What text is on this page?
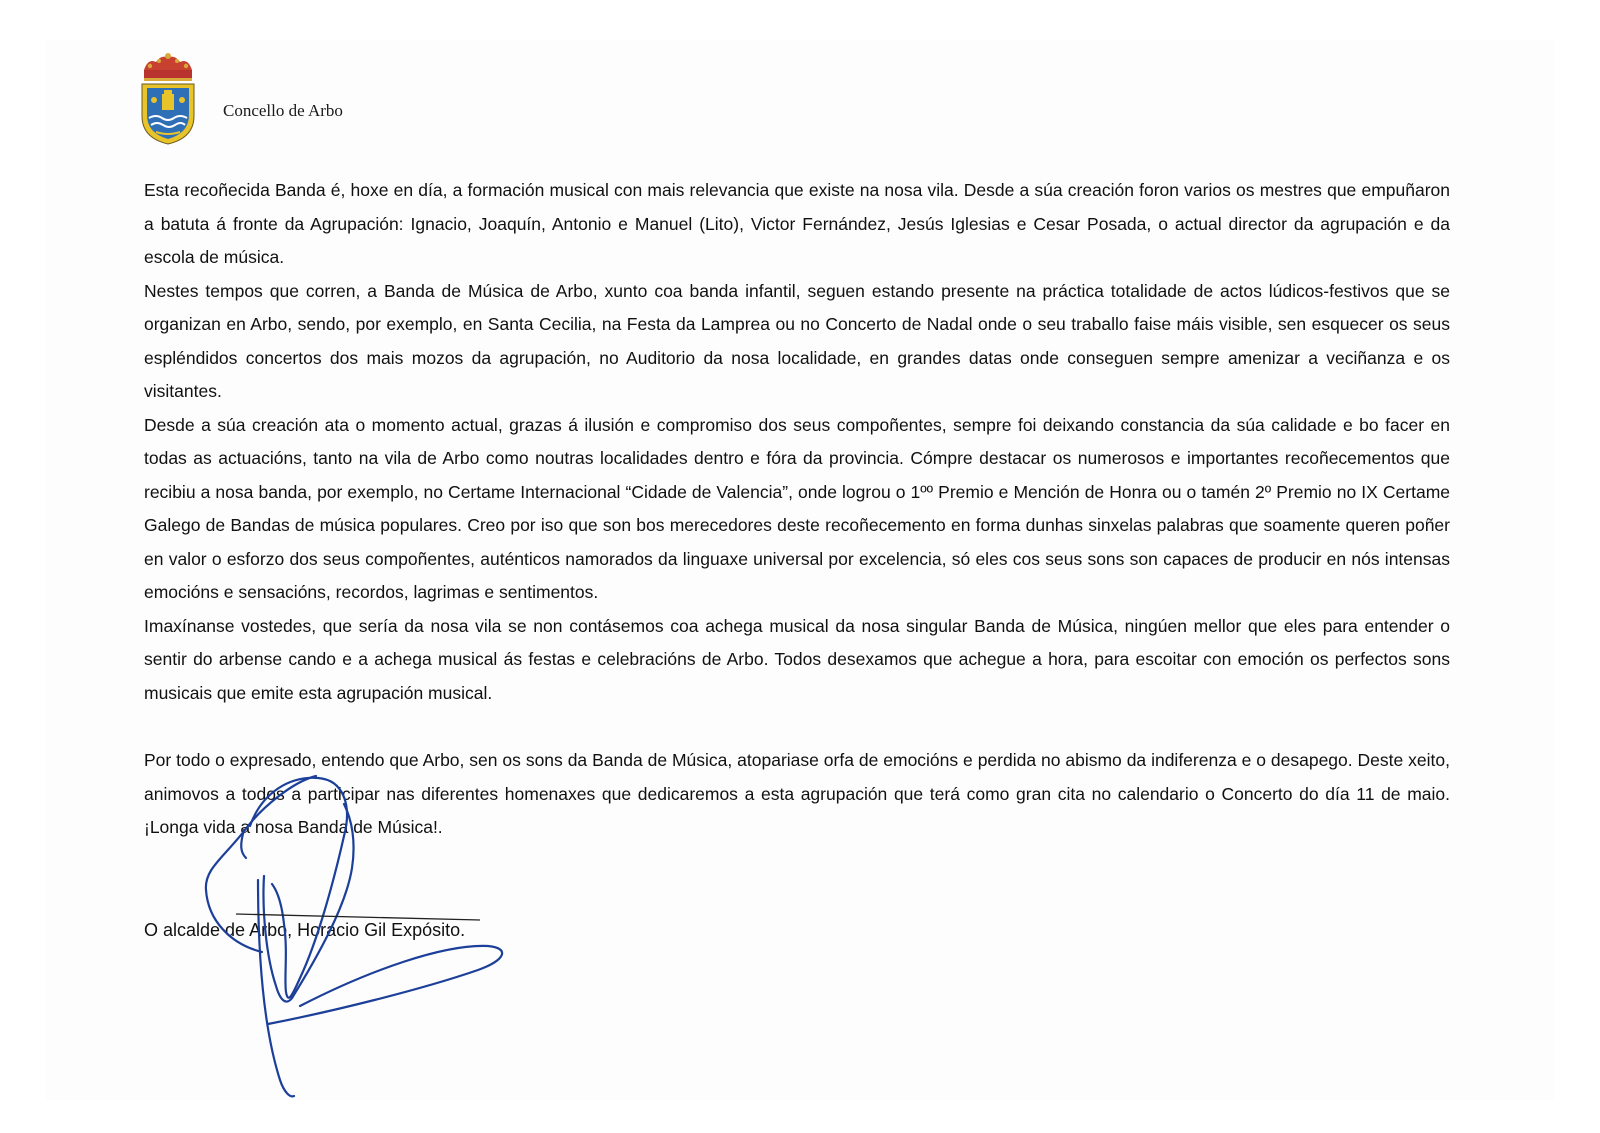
Concello de Arbo

Esta recoñecida Banda é, hoxe en día, a formación musical con mais relevancia que existe na nosa vila. Desde a súa creación foron varios os mestres que empuñaron a batuta á fronte da Agrupación: Ignacio, Joaquín, Antonio e Manuel (Lito), Victor Fernández, Jesús Iglesias e Cesar Posada, o actual director da agrupación e da escola de música.

Nestes tempos que corren, a Banda de Música de Arbo, xunto coa banda infantil, seguen estando presente na práctica totalidade de actos lúdicos-festivos que se organizan en Arbo, sendo, por exemplo, en Santa Cecilia, na Festa da Lamprea ou no Concerto de Nadal onde o seu traballo faise máis visible, sen esquecer os seus espléndidos concertos dos mais mozos da agrupación, no Auditorio da nosa localidade, en grandes datas onde conseguen sempre amenizar a veciñanza e os visitantes.

Desde a súa creación ata o momento actual, grazas á ilusión e compromiso dos seus compoñentes, sempre foi deixando constancia da súa calidade e bo facer en todas as actuacións, tanto na vila de Arbo como noutras localidades dentro e fóra da provincia. Cómpre destacar os numerosos e importantes recoñecementos que recibiu a nosa banda, por exemplo, no Certame Internacional “Cidade de Valencia”, onde logrou o 1ºº Premio e Mención de Honra ou o tamén 2º Premio no IX Certame Galego de Bandas de música populares. Creo por iso que son bos merecedores deste recoñecemento en forma dunhas sinxelas palabras que soamente queren poñer en valor o esforzo dos seus compoñentes, auténticos namorados da linguaxe universal por excelencia, só eles cos seus sons son capaces de producir en nós intensas emocións e sensacións, recordos, lagrimas e sentimentos.

Imaxínanse vostedes, que sería da nosa vila se non contásemos coa achega musical da nosa singular Banda de Música, ningúen mellor que eles para entender o sentir do arbense cando e a achega musical ás festas e celebracións de Arbo. Todos desexamos que achegue a hora, para escoitar con emoción os perfectos sons musicais que emite esta agrupación musical.

Por todo o expresado, entendo que Arbo, sen os sons da Banda de Música, atopariase orfa de emocións e perdida no abismo da indiferenza e o desapego. Deste xeito, animovos a todos a participar nas diferentes homenaxes que dedicaremos a esta agrupación que terá como gran cita no calendario o Concerto do día 11 de maio. ¡Longa vida a nosa Banda de Música!.

O alcalde de Arbo, Horacio Gil Expósito.
